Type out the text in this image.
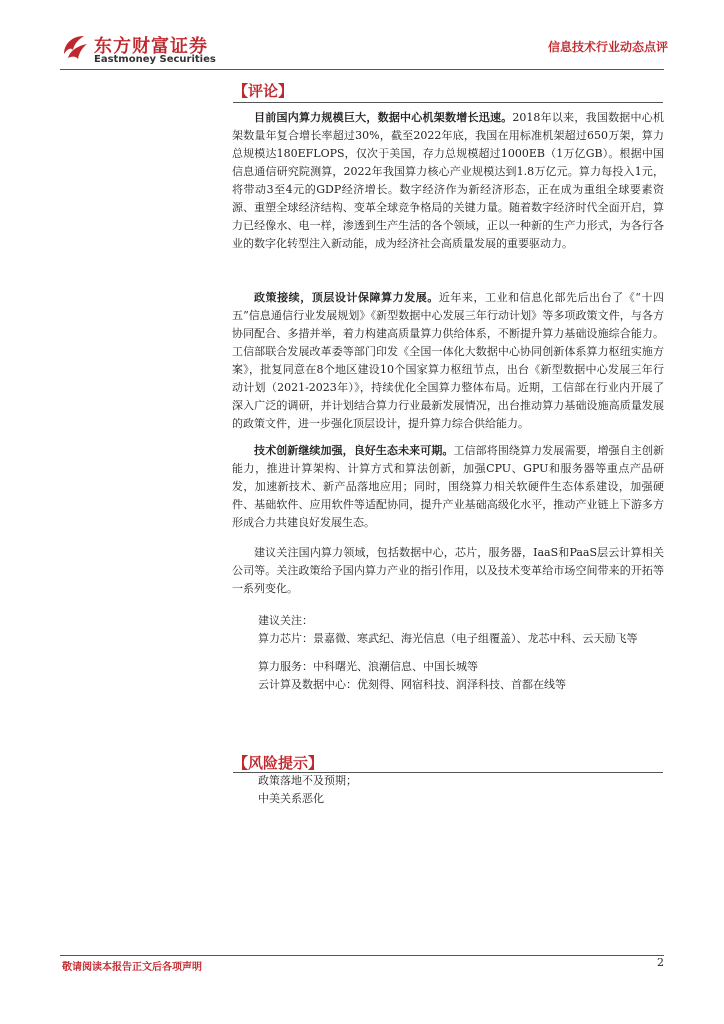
东方财富证券
Eastmoney Securities
信息技术行业动态点评
【评论】

目前国内算力规模巨大，数据中心机架数增长迅速。2018年以来，我国数据中心机架数量年复合增长率超过30%，截至2022年底，我国在用标准机架超过650万架，算力总规模达180EFLOPS，仅次于美国，存力总规模超过1000EB（1万亿GB）。根据中国信息通信研究院测算，2022年我国算力核心产业规模达到1.8万亿元。算力每投入1元，将带动3至4元的GDP经济增长。数字经济作为新经济形态，正在成为重组全球要素资源、重塑全球经济结构、变革全球竞争格局的关键力量。随着数字经济时代全面开启，算力已经像水、电一样，渗透到生产生活的各个领域，正以一种新的生产力形式，为各行各业的数字化转型注入新动能，成为经济社会高质量发展的重要驱动力。

政策接续，顶层设计保障算力发展。近年来，工业和信息化部先后出台了《“十四五”信息通信行业发展规划》《新型数据中心发展三年行动计划》等多项政策文件，与各方协同配合、多措并举，着力构建高质量算力供给体系，不断提升算力基础设施综合能力。工信部联合发展改革委等部门印发《全国一体化大数据中心协同创新体系算力枢纽实施方案》，批复同意在8个地区建设10个国家算力枢纽节点，出台《新型数据中心发展三年行动计划（2021-2023年）》，持续优化全国算力整体布局。近期，工信部在行业内开展了深入广泛的调研，并计划结合算力行业最新发展情况，出台推动算力基础设施高质量发展的政策文件，进一步强化顶层设计，提升算力综合供给能力。

技术创新继续加强，良好生态未来可期。工信部将围绕算力发展需要，增强自主创新能力，推进计算架构、计算方式和算法创新，加强CPU、GPU和服务器等重点产品研发，加速新技术、新产品落地应用；同时，围绕算力相关软硬件生态体系建设，加强硬件、基础软件、应用软件等适配协同，提升产业基础高级化水平，推动产业链上下游多方形成合力共建良好发展生态。

建议关注国内算力领域，包括数据中心，芯片，服务器，IaaS和PaaS层云计算相关公司等。关注政策给予国内算力产业的指引作用，以及技术变革给市场空间带来的开拓等一系列变化。

建议关注：
算力芯片：景嘉微、寒武纪、海光信息（电子组覆盖）、龙芯中科、云天励飞等
算力服务：中科曙光、浪潮信息、中国长城等
云计算及数据中心：优刻得、网宿科技、润泽科技、首都在线等
【风险提示】
政策落地不及预期；
中美关系恶化
敬请阅读本报告正文后各项声明	2
